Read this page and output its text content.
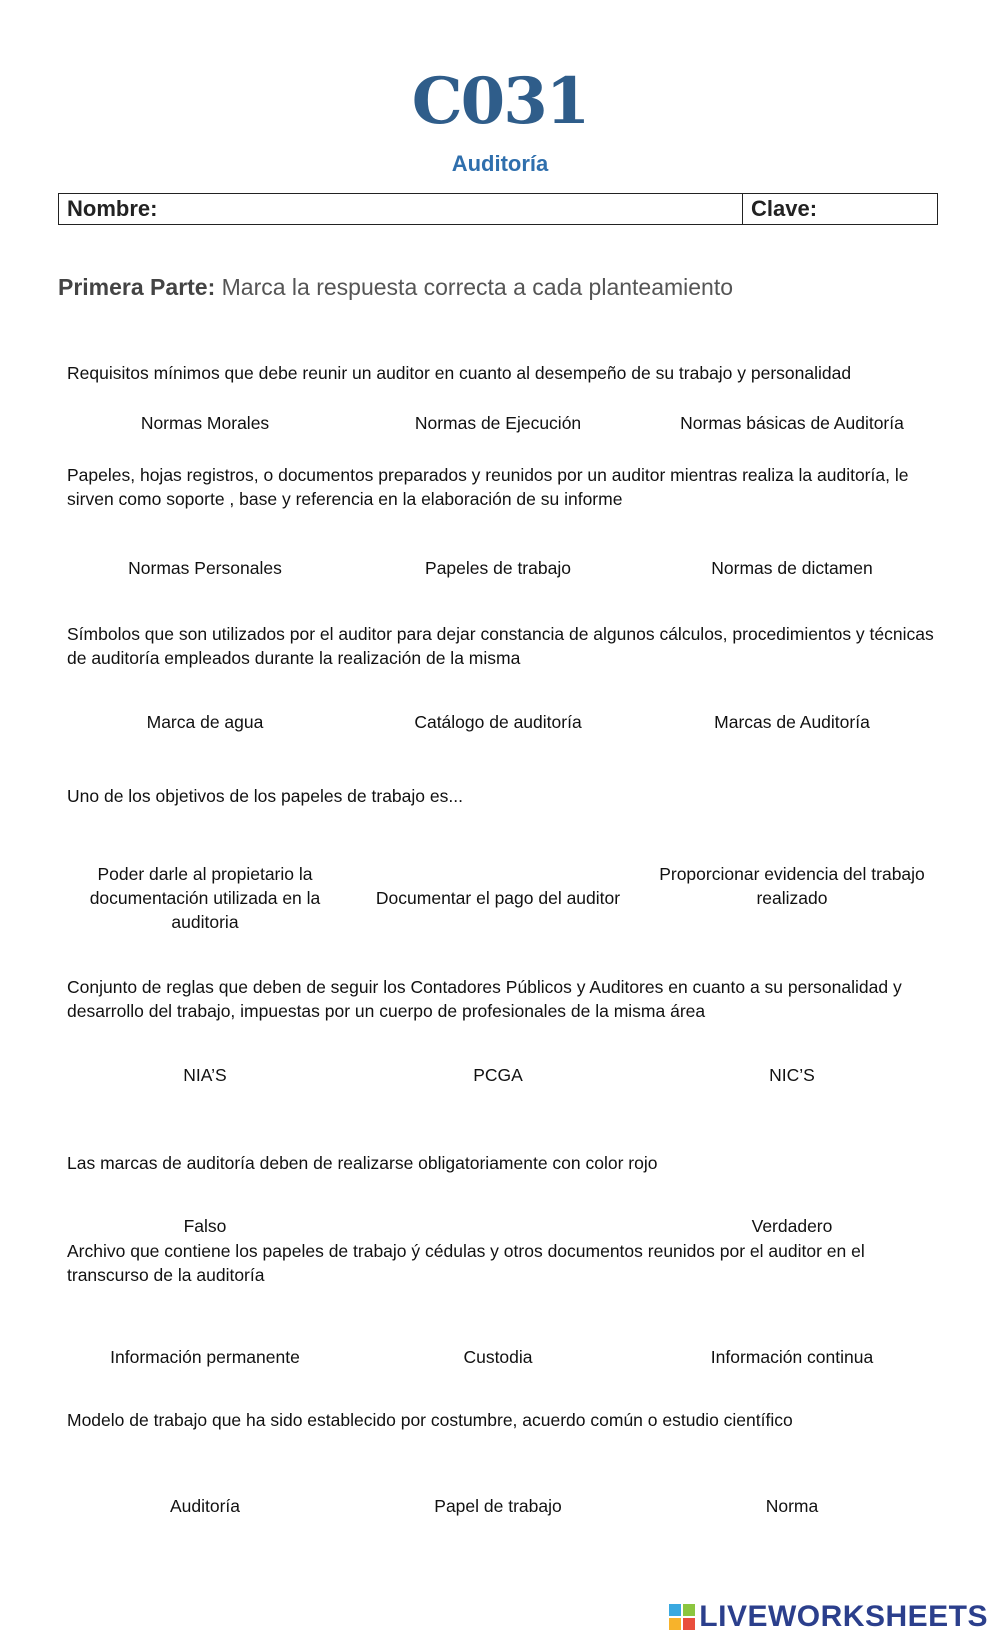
C031
Auditoría
Nombre:	Clave:
Primera Parte: Marca la respuesta correcta a cada planteamiento
Requisitos mínimos que debe reunir un auditor en cuanto al desempeño de su trabajo y personalidad
Normas Morales	Normas de Ejecución	Normas básicas de Auditoría
Papeles, hojas registros, o documentos preparados y reunidos por un auditor mientras realiza la auditoría, le sirven como soporte , base y referencia en la elaboración de su informe
Normas Personales	Papeles de trabajo	Normas de dictamen
Símbolos que son utilizados por el auditor para dejar constancia de algunos cálculos, procedimientos y técnicas de auditoría empleados durante la realización de la misma
Marca de agua	Catálogo de auditoría	Marcas de Auditoría
Uno de los objetivos de los papeles de trabajo es...
Poder darle al propietario la documentación utilizada en la auditoria
Documentar el pago del auditor
Proporcionar evidencia del trabajo realizado
Conjunto de reglas que deben de seguir los Contadores Públicos y Auditores en cuanto a su personalidad y desarrollo del trabajo, impuestas por un cuerpo de profesionales de la misma área
NIA’S	PCGA	NIC’S
Las marcas de auditoría deben de realizarse obligatoriamente con color rojo
Falso	Verdadero
Archivo que contiene los papeles de trabajo ý cédulas y otros documentos reunidos por el auditor en el transcurso de la auditoría
Información permanente	Custodia	Información continua
Modelo de trabajo que ha sido establecido por costumbre, acuerdo común o estudio científico
Auditoría	Papel de trabajo	Norma
LIVEWORKSHEETS
